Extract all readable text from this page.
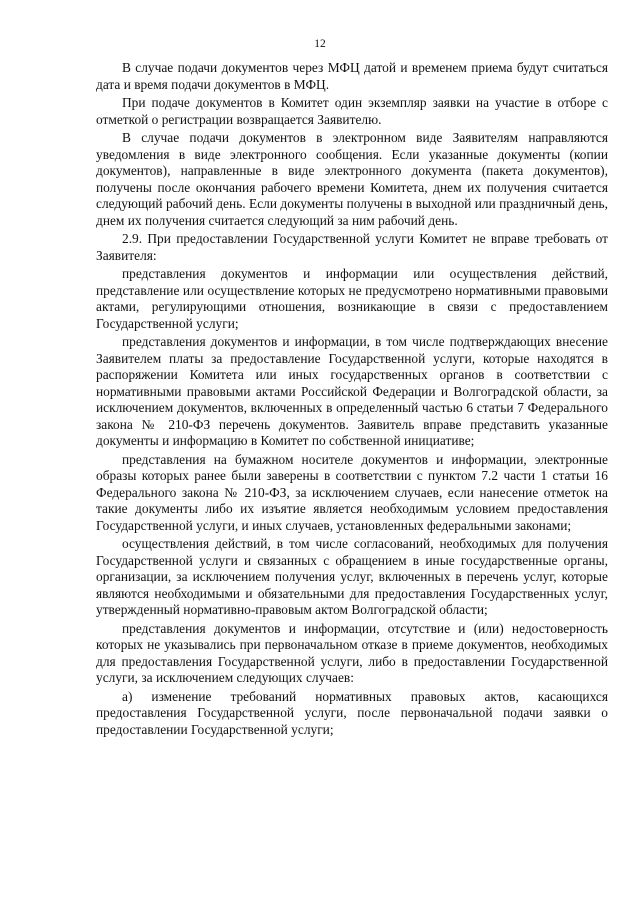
12

В случае подачи документов через МФЦ датой и временем приема будут считаться дата и время подачи документов в МФЦ.

При подаче документов в Комитет один экземпляр заявки на участие в отборе с отметкой о регистрации возвращается Заявителю.

В случае подачи документов в электронном виде Заявителям направляются уведомления в виде электронного сообщения. Если указанные документы (копии документов), направленные в виде электронного документа (пакета документов), получены после окончания рабочего времени Комитета, днем их получения считается следующий рабочий день. Если документы получены в выходной или праздничный день, днем их получения считается следующий за ним рабочий день.

2.9. При предоставлении Государственной услуги Комитет не вправе требовать от Заявителя:

представления документов и информации или осуществления действий, представление или осуществление которых не предусмотрено нормативными правовыми актами, регулирующими отношения, возникающие в связи с предоставлением Государственной услуги;

представления документов и информации, в том числе подтверждающих внесение Заявителем платы за предоставление Государственной услуги, которые находятся в распоряжении Комитета или иных государственных органов в соответствии с нормативными правовыми актами Российской Федерации и Волгоградской области, за исключением документов, включенных в определенный частью 6 статьи 7 Федерального закона № 210-ФЗ перечень документов. Заявитель вправе представить указанные документы и информацию в Комитет по собственной инициативе;

представления на бумажном носителе документов и информации, электронные образы которых ранее были заверены в соответствии с пунктом 7.2 части 1 статьи 16 Федерального закона № 210-ФЗ, за исключением случаев, если нанесение отметок на такие документы либо их изъятие является необходимым условием предоставления Государственной услуги, и иных случаев, установленных федеральными законами;

осуществления действий, в том числе согласований, необходимых для получения Государственной услуги и связанных с обращением в иные государственные органы, организации, за исключением получения услуг, включенных в перечень услуг, которые являются необходимыми и обязательными для предоставления Государственных услуг, утвержденный нормативно-правовым актом Волгоградской области;

представления документов и информации, отсутствие и (или) недостоверность которых не указывались при первоначальном отказе в приеме документов, необходимых для предоставления Государственной услуги, либо в предоставлении Государственной услуги, за исключением следующих случаев:

а) изменение требований нормативных правовых актов, касающихся предоставления Государственной услуги, после первоначальной подачи заявки о предоставлении Государственной услуги;
